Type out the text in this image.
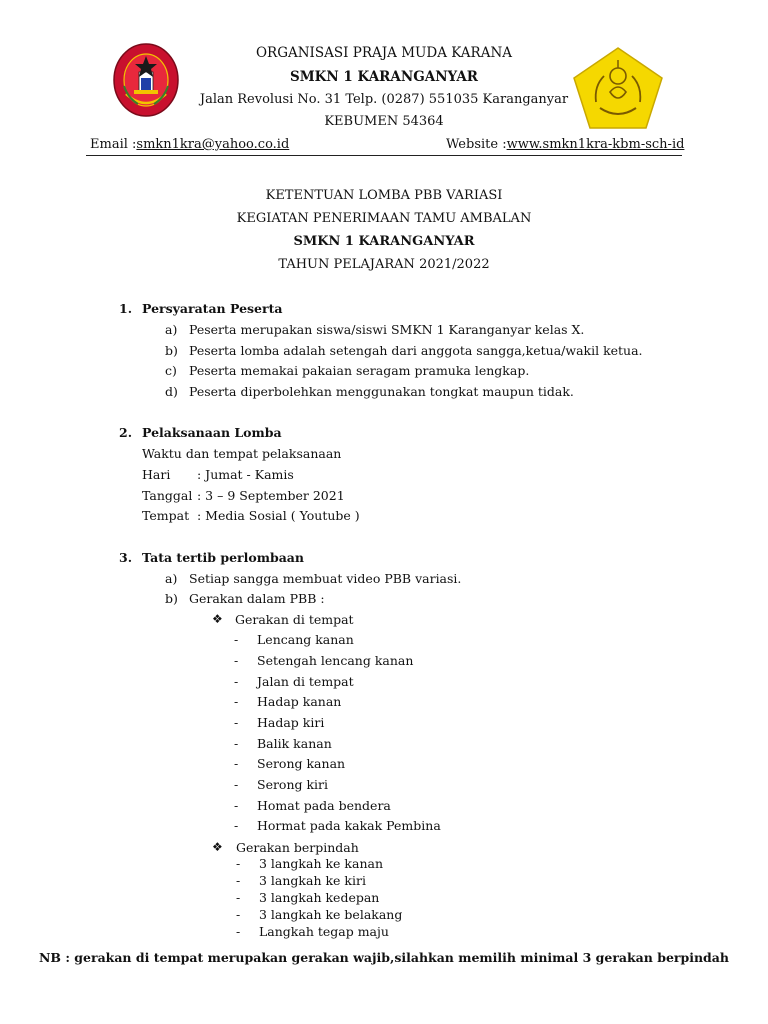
ORGANISASI PRAJA MUDA KARANA
SMKN 1 KARANGANYAR
Jalan Revolusi No. 31 Telp. (0287) 551035 Karanganyar
KEBUMEN 54364
Email :smkn1kra@yahoo.co.id	Website :www.smkn1kra-kbm-sch-id
KETENTUAN LOMBA PBB VARIASI
KEGIATAN PENERIMAAN TAMU AMBALAN
SMKN 1 KARANGANYAR
TAHUN PELAJARAN 2021/2022
1. Persyaratan Peserta
a) Peserta merupakan siswa/siswi SMKN 1 Karanganyar kelas X.
b) Peserta lomba adalah setengah dari anggota sangga,ketua/wakil ketua.
c) Peserta memakai pakaian seragam pramuka lengkap.
d) Peserta diperbolehkan menggunakan tongkat maupun tidak.
2. Pelaksanaan Lomba
Waktu dan tempat pelaksanaan
Hari : Jumat - Kamis
Tanggal : 3 – 9 September 2021
Tempat : Media Sosial ( Youtube )
3. Tata tertib perlombaan
a) Setiap sangga membuat video PBB variasi.
b) Gerakan dalam PBB :
❖ Gerakan di tempat
- Lencang kanan
- Setengah lencang kanan
- Jalan di tempat
- Hadap kanan
- Hadap kiri
- Balik kanan
- Serong kanan
- Serong kiri
- Homat pada bendera
- Hormat pada kakak Pembina
❖ Gerakan berpindah
- 3 langkah ke kanan
- 3 langkah ke kiri
- 3 langkah kedepan
- 3 langkah ke belakang
- Langkah tegap maju
NB : gerakan di tempat merupakan gerakan wajib,silahkan memilih minimal 3 gerakan berpindah
